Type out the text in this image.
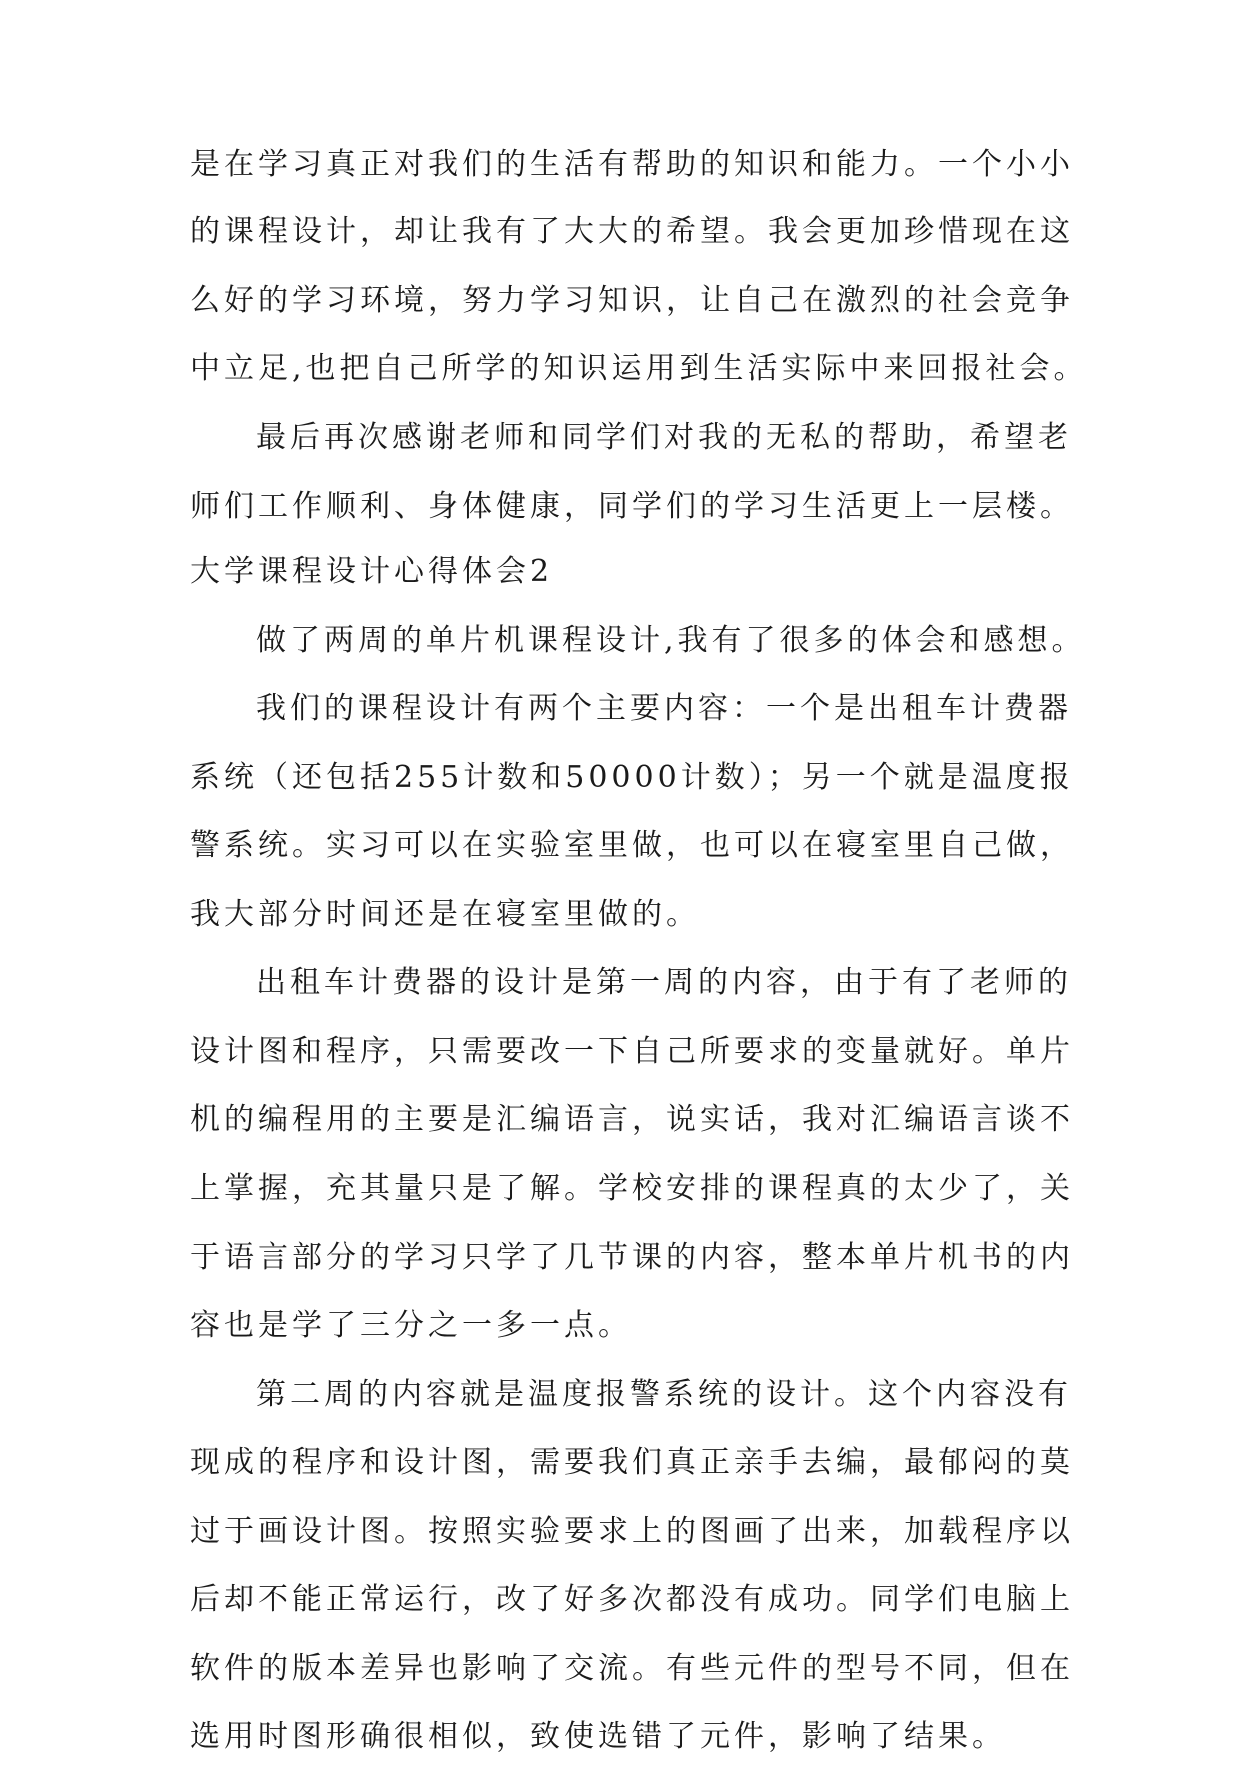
是在学习真正对我们的生活有帮助的知识和能力。一个小小
的课程设计，却让我有了大大的希望。我会更加珍惜现在这
么好的学习环境，努力学习知识，让自己在激烈的社会竞争
中立足,也把自己所学的知识运用到生活实际中来回报社会。
最后再次感谢老师和同学们对我的无私的帮助，希望老
师们工作顺利、身体健康，同学们的学习生活更上一层楼。
大学课程设计心得体会2
做了两周的单片机课程设计,我有了很多的体会和感想。
我们的课程设计有两个主要内容：一个是出租车计费器
系统（还包括255计数和50000计数）；另一个就是温度报
警系统。实习可以在实验室里做，也可以在寝室里自己做，
我大部分时间还是在寝室里做的。
出租车计费器的设计是第一周的内容，由于有了老师的
设计图和程序，只需要改一下自己所要求的变量就好。单片
机的编程用的主要是汇编语言，说实话，我对汇编语言谈不
上掌握，充其量只是了解。学校安排的课程真的太少了，关
于语言部分的学习只学了几节课的内容，整本单片机书的内
容也是学了三分之一多一点。
第二周的内容就是温度报警系统的设计。这个内容没有
现成的程序和设计图，需要我们真正亲手去编，最郁闷的莫
过于画设计图。按照实验要求上的图画了出来，加载程序以
后却不能正常运行，改了好多次都没有成功。同学们电脑上
软件的版本差异也影响了交流。有些元件的型号不同，但在
选用时图形确很相似，致使选错了元件，影响了结果。
